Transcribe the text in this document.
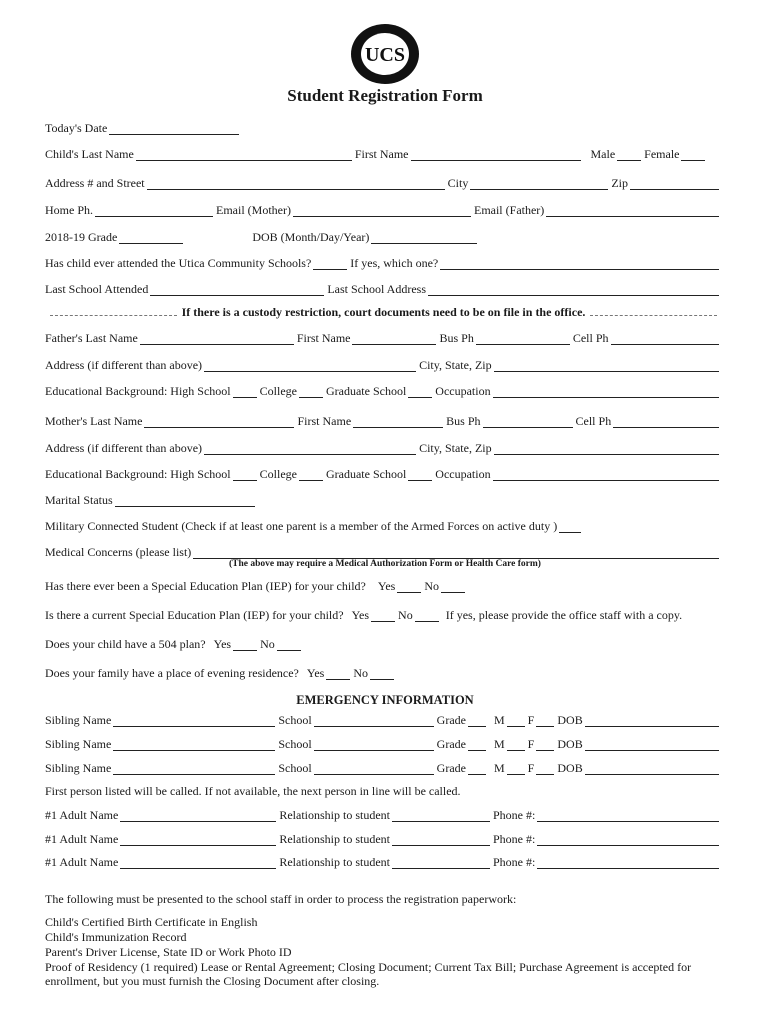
UCS
Student Registration Form
Today's Date
Child's Last Name	First Name	Male Female
Address # and Street	City	Zip
Home Ph.	Email (Mother)	Email (Father)
2018-19 Grade	DOB (Month/Day/Year)
Has child ever attended the Utica Community Schools?	If yes, which one?
Last School Attended	Last School Address
If there is a custody restriction, court documents need to be on file in the office.
Father's Last Name	First Name	Bus Ph	Cell Ph
Address (if different than above)	City, State, Zip
Educational Background: High School College Graduate School Occupation
Mother's Last Name	First Name	Bus Ph	Cell Ph
Address (if different than above)	City, State, Zip
Educational Background: High School College Graduate School Occupation
Marital Status
Military Connected Student (Check if at least one parent is a member of the Armed Forces on active duty )
Medical Concerns (please list)
(The above may require a Medical Authorization Form or Health Care form)
Has there ever been a Special Education Plan (IEP) for your child? Yes No
Is there a current Special Education Plan (IEP) for your child? Yes No	If yes, please provide the office staff with a copy.
Does your child have a 504 plan? Yes No
Does your family have a place of evening residence? Yes No
EMERGENCY INFORMATION
Sibling Name	School	Grade M F DOB
Sibling Name	School	Grade M F DOB
Sibling Name	School	Grade M F DOB
First person listed will be called. If not available, the next person in line will be called.
#1 Adult Name	Relationship to student	Phone #:
#1 Adult Name	Relationship to student	Phone #:
#1 Adult Name	Relationship to student	Phone #:
The following must be presented to the school staff in order to process the registration paperwork:
Child's Certified Birth Certificate in English
Child's Immunization Record
Parent's Driver License, State ID or Work Photo ID
Proof of Residency (1 required) Lease or Rental Agreement; Closing Document; Current Tax Bill; Purchase Agreement is accepted for enrollment, but you must furnish the Closing Document after closing.
